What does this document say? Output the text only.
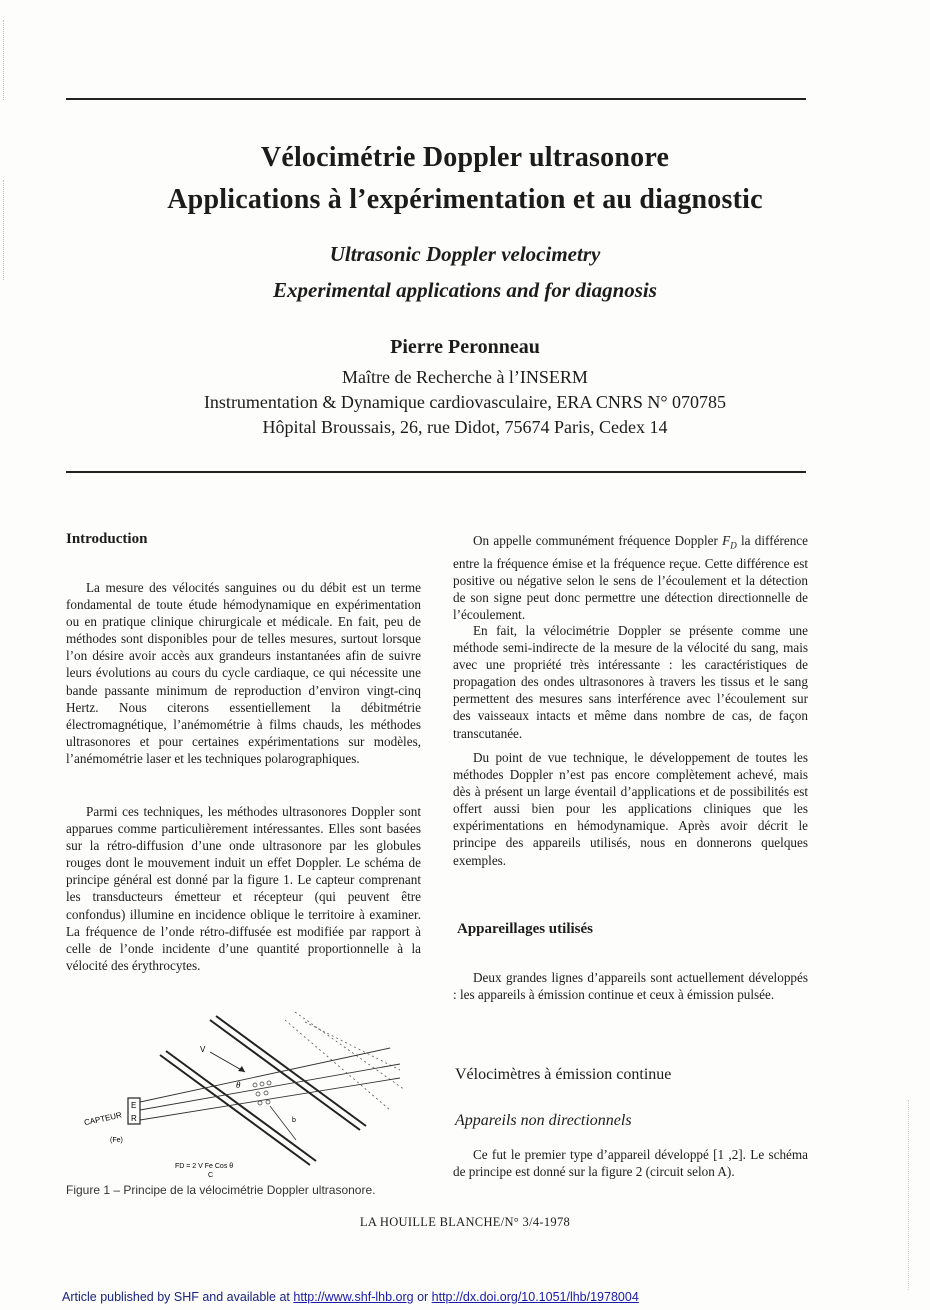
Vélocimétrie Doppler ultrasonore
Applications à l’expérimentation et au diagnostic
Ultrasonic Doppler velocimetry
Experimental applications and for diagnosis
Pierre Peronneau
Maître de Recherche à l’INSERM
Instrumentation & Dynamique cardiovasculaire, ERA CNRS N° 070785
Hôpital Broussais, 26, rue Didot, 75674 Paris, Cedex 14
Introduction

La mesure des vélocités sanguines ou du débit est un terme fondamental de toute étude hémodynamique en expérimentation ou en pratique clinique chirurgicale et médicale. En fait, peu de méthodes sont disponibles pour de telles mesures, surtout lorsque l’on désire avoir accès aux grandeurs instantanées afin de suivre leurs évolutions au cours du cycle cardiaque, ce qui nécessite une bande passante minimum de reproduction d’environ vingt-cinq Hertz. Nous citerons essentiellement la débitmétrie électromagnétique, l’anémométrie à films chauds, les méthodes ultrasonores et pour certaines expérimentations sur modèles, l’anémométrie laser et les techniques polarographiques.

Parmi ces techniques, les méthodes ultrasonores Doppler sont apparues comme particulièrement intéressantes. Elles sont basées sur la rétro-diffusion d’une onde ultrasonore par les globules rouges dont le mouvement induit un effet Doppler. Le schéma de principe général est donné par la figure 1. Le capteur comprenant les transducteurs émetteur et récepteur (qui peuvent être confondus) illumine en incidence oblique le territoire à examiner. La fréquence de l’onde rétro-diffusée est modifiée par rapport à celle de l’onde incidente d’une quantité proportionnelle à la vélocité des érythrocytes.

CAPTEUR
E
R
(Fe)
V
θ
b
FD = 2 V Fe Cos θ
C
Figure 1 – Principe de la vélocimétrie Doppler ultrasonore.

On appelle communément fréquence Doppler $F_D$ la différence entre la fréquence émise et la fréquence reçue. Cette différence est positive ou négative selon le sens de l’écoulement et la détection de son signe peut donc permettre une détection directionnelle de l’écoulement.

En fait, la vélocimétrie Doppler se présente comme une méthode semi-indirecte de la mesure de la vélocité du sang, mais avec une propriété très intéressante : les caractéristiques de propagation des ondes ultrasonores à travers les tissus et le sang permettent des mesures sans interférence avec l’écoulement sur des vaisseaux intacts et même dans nombre de cas, de façon transcutanée.

Du point de vue technique, le développement de toutes les méthodes Doppler n’est pas encore complètement achevé, mais dès à présent un large éventail d’applications et de possibilités est offert aussi bien pour les applications cliniques que les expérimentations en hémodynamique. Après avoir décrit le principe des appareils utilisés, nous en donnerons quelques exemples.

Appareillages utilisés

Deux grandes lignes d’appareils sont actuellement développés : les appareils à émission continue et ceux à émission pulsée.

Vélocimètres à émission continue
Appareils non directionnels

Ce fut le premier type d’appareil développé [1 ,2]. Le schéma de principe est donné sur la figure 2 (circuit selon A).

LA HOUILLE BLANCHE/N° 3/4-1978
Article published by SHF and available at http://www.shf-lhb.org or http://dx.doi.org/10.1051/lhb/1978004
